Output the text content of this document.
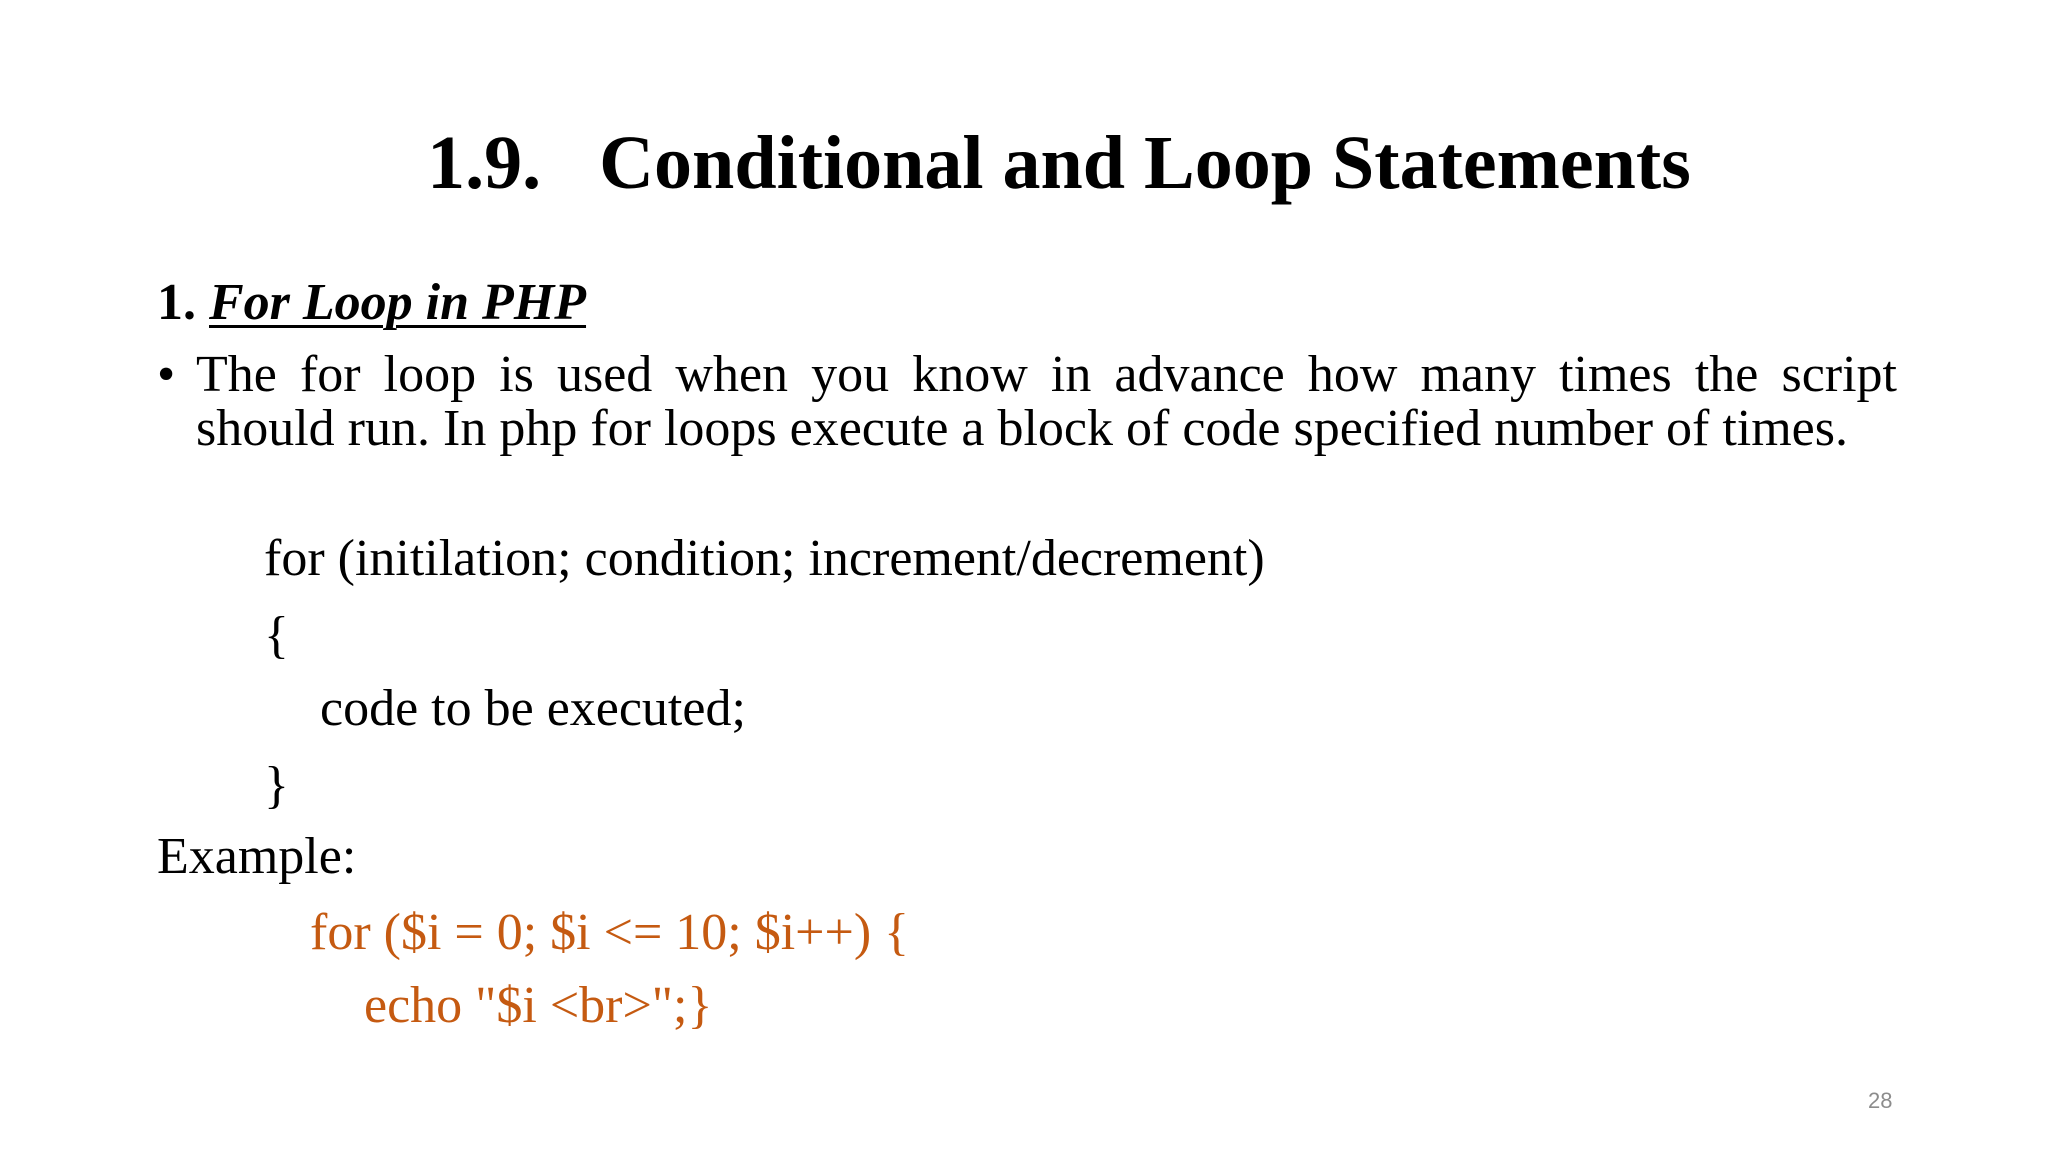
1.9. Conditional and Loop Statements
1. For Loop in PHP
• The for loop is used when you know in advance how many times the script should run. In php for loops execute a block of code specified number of times.
for (initilation; condition; increment/decrement)
{
code to be executed;
}
Example:
for ($i = 0; $i <= 10; $i++) {
echo "$i <br>";}
28
